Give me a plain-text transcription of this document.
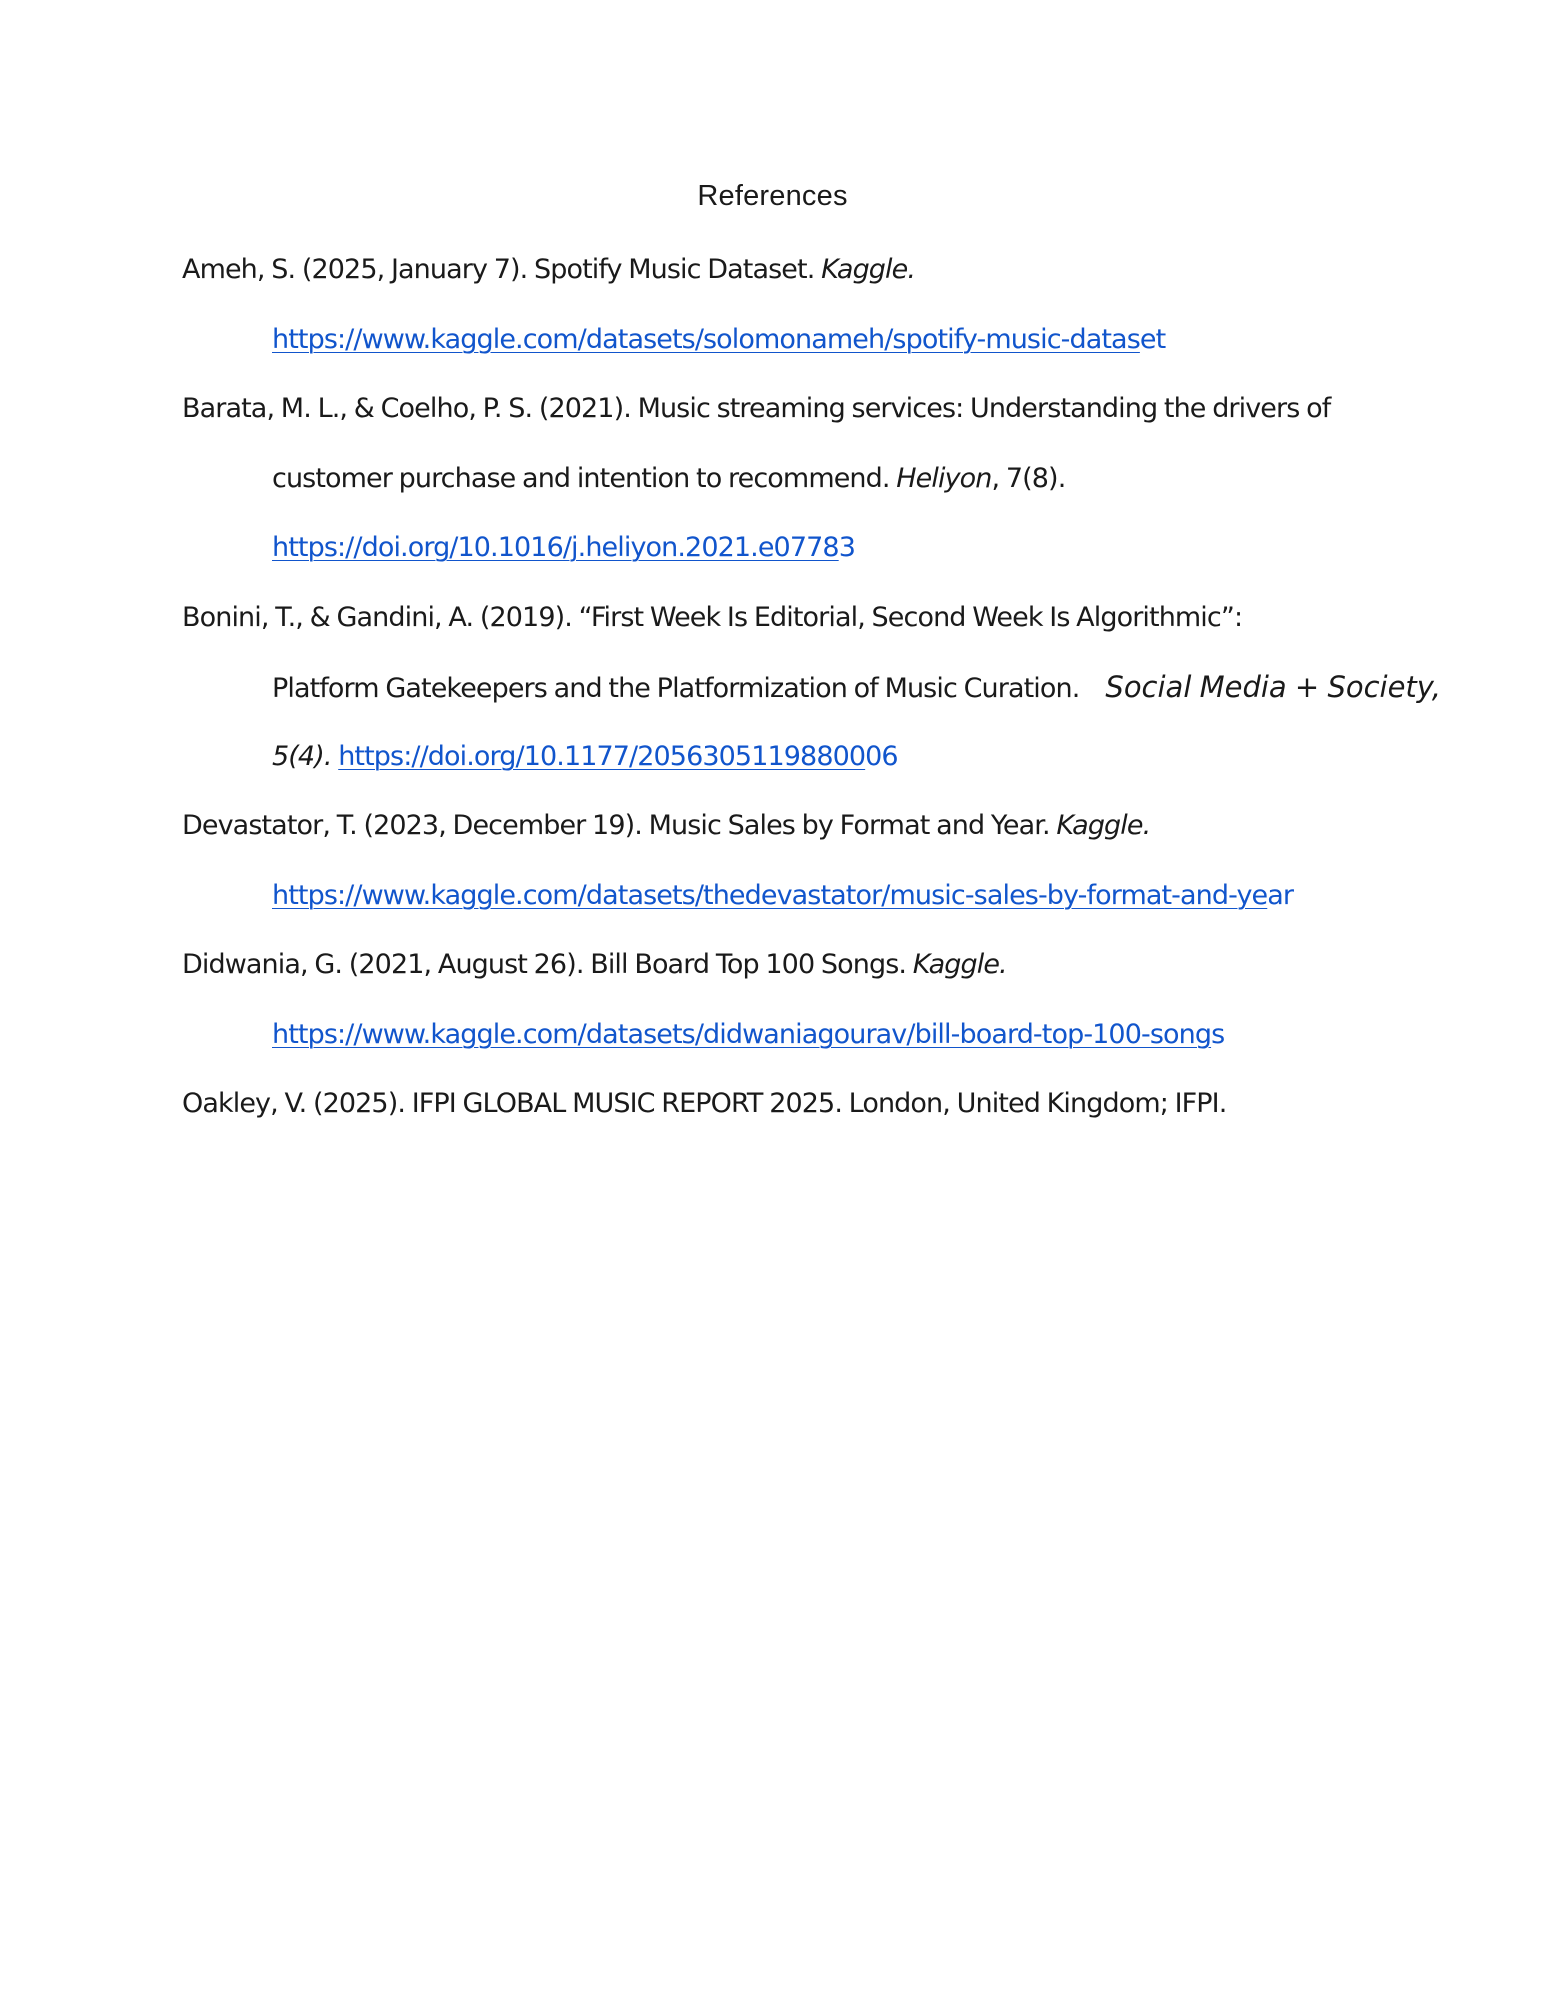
References
Ameh, S. (2025, January 7). Spotify Music Dataset. Kaggle.
https://www.kaggle.com/datasets/solomonameh/spotify-music-dataset
Barata, M. L., & Coelho, P. S. (2021). Music streaming services: Understanding the drivers of
customer purchase and intention to recommend. Heliyon, 7(8).
https://doi.org/10.1016/j.heliyon.2021.e07783
Bonini, T., & Gandini, A. (2019). “First Week Is Editorial, Second Week Is Algorithmic”:
Platform Gatekeepers and the Platformization of Music Curation. Social Media + Society,
5(4). https://doi.org/10.1177/2056305119880006
Devastator, T. (2023, December 19). Music Sales by Format and Year. Kaggle.
https://www.kaggle.com/datasets/thedevastator/music-sales-by-format-and-year
Didwania, G. (2021, August 26). Bill Board Top 100 Songs. Kaggle.
https://www.kaggle.com/datasets/didwaniagourav/bill-board-top-100-songs
Oakley, V. (2025). IFPI GLOBAL MUSIC REPORT 2025. London, United Kingdom; IFPI.
